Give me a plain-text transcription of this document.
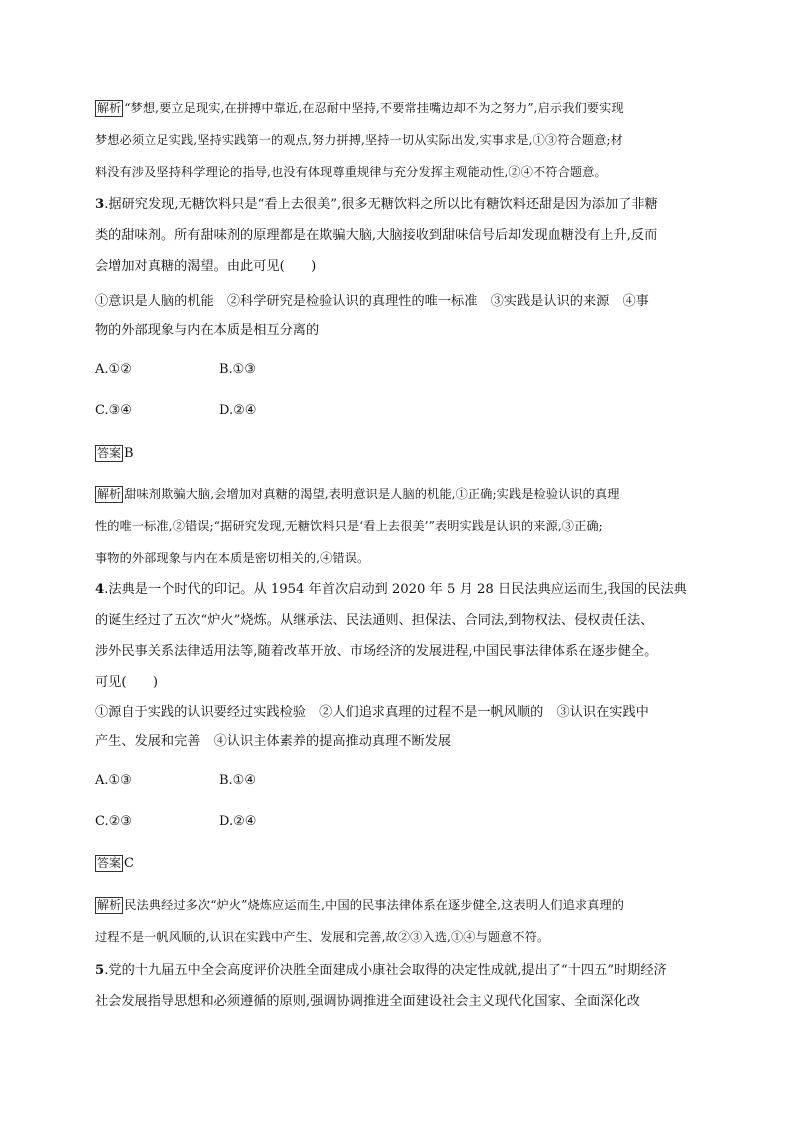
解析 “梦想,要立足现实,在拼搏中靠近,在忍耐中坚持,不要常挂嘴边却不为之努力”,启示我们要实现
梦想必须立足实践,坚持实践第一的观点,努力拼搏,坚持一切从实际出发,实事求是,①③符合题意;材
料没有涉及坚持科学理论的指导,也没有体现尊重规律与充分发挥主观能动性,②④不符合题意。
3.据研究发现,无糖饮料只是“看上去很美”,很多无糖饮料之所以比有糖饮料还甜是因为添加了非糖
类的甜味剂。所有甜味剂的原理都是在欺骗大脑,大脑接收到甜味信号后却发现血糖没有上升,反而
会增加对真糖的渴望。由此可见(　　)
①意识是人脑的机能　②科学研究是检验认识的真理性的唯一标准　③实践是认识的来源　④事
物的外部现象与内在本质是相互分离的
A.①②	B.①③
C.③④	D.②④
答案 B
解析 甜味剂欺骗大脑,会增加对真糖的渴望,表明意识是人脑的机能,①正确;实践是检验认识的真理
性的唯一标准,②错误;“据研究发现,无糖饮料只是‘看上去很美’”表明实践是认识的来源,③正确;
事物的外部现象与内在本质是密切相关的,④错误。
4.法典是一个时代的印记。从 1954 年首次启动到 2020 年 5 月 28 日民法典应运而生,我国的民法典
的诞生经过了五次“炉火”烧炼。从继承法、民法通则、担保法、合同法,到物权法、侵权责任法、
涉外民事关系法律适用法等,随着改革开放、市场经济的发展进程,中国民事法律体系在逐步健全。
可见(　　)
①源自于实践的认识要经过实践检验　②人们追求真理的过程不是一帆风顺的　③认识在实践中
产生、发展和完善　④认识主体素养的提高推动真理不断发展
A.①③	B.①④
C.②③	D.②④
答案 C
解析 民法典经过多次“炉火”烧炼应运而生,中国的民事法律体系在逐步健全,这表明人们追求真理的
过程不是一帆风顺的,认识在实践中产生、发展和完善,故②③入选,①④与题意不符。
5.党的十九届五中全会高度评价决胜全面建成小康社会取得的决定性成就,提出了“十四五”时期经济
社会发展指导思想和必须遵循的原则,强调协调推进全面建设社会主义现代化国家、全面深化改
